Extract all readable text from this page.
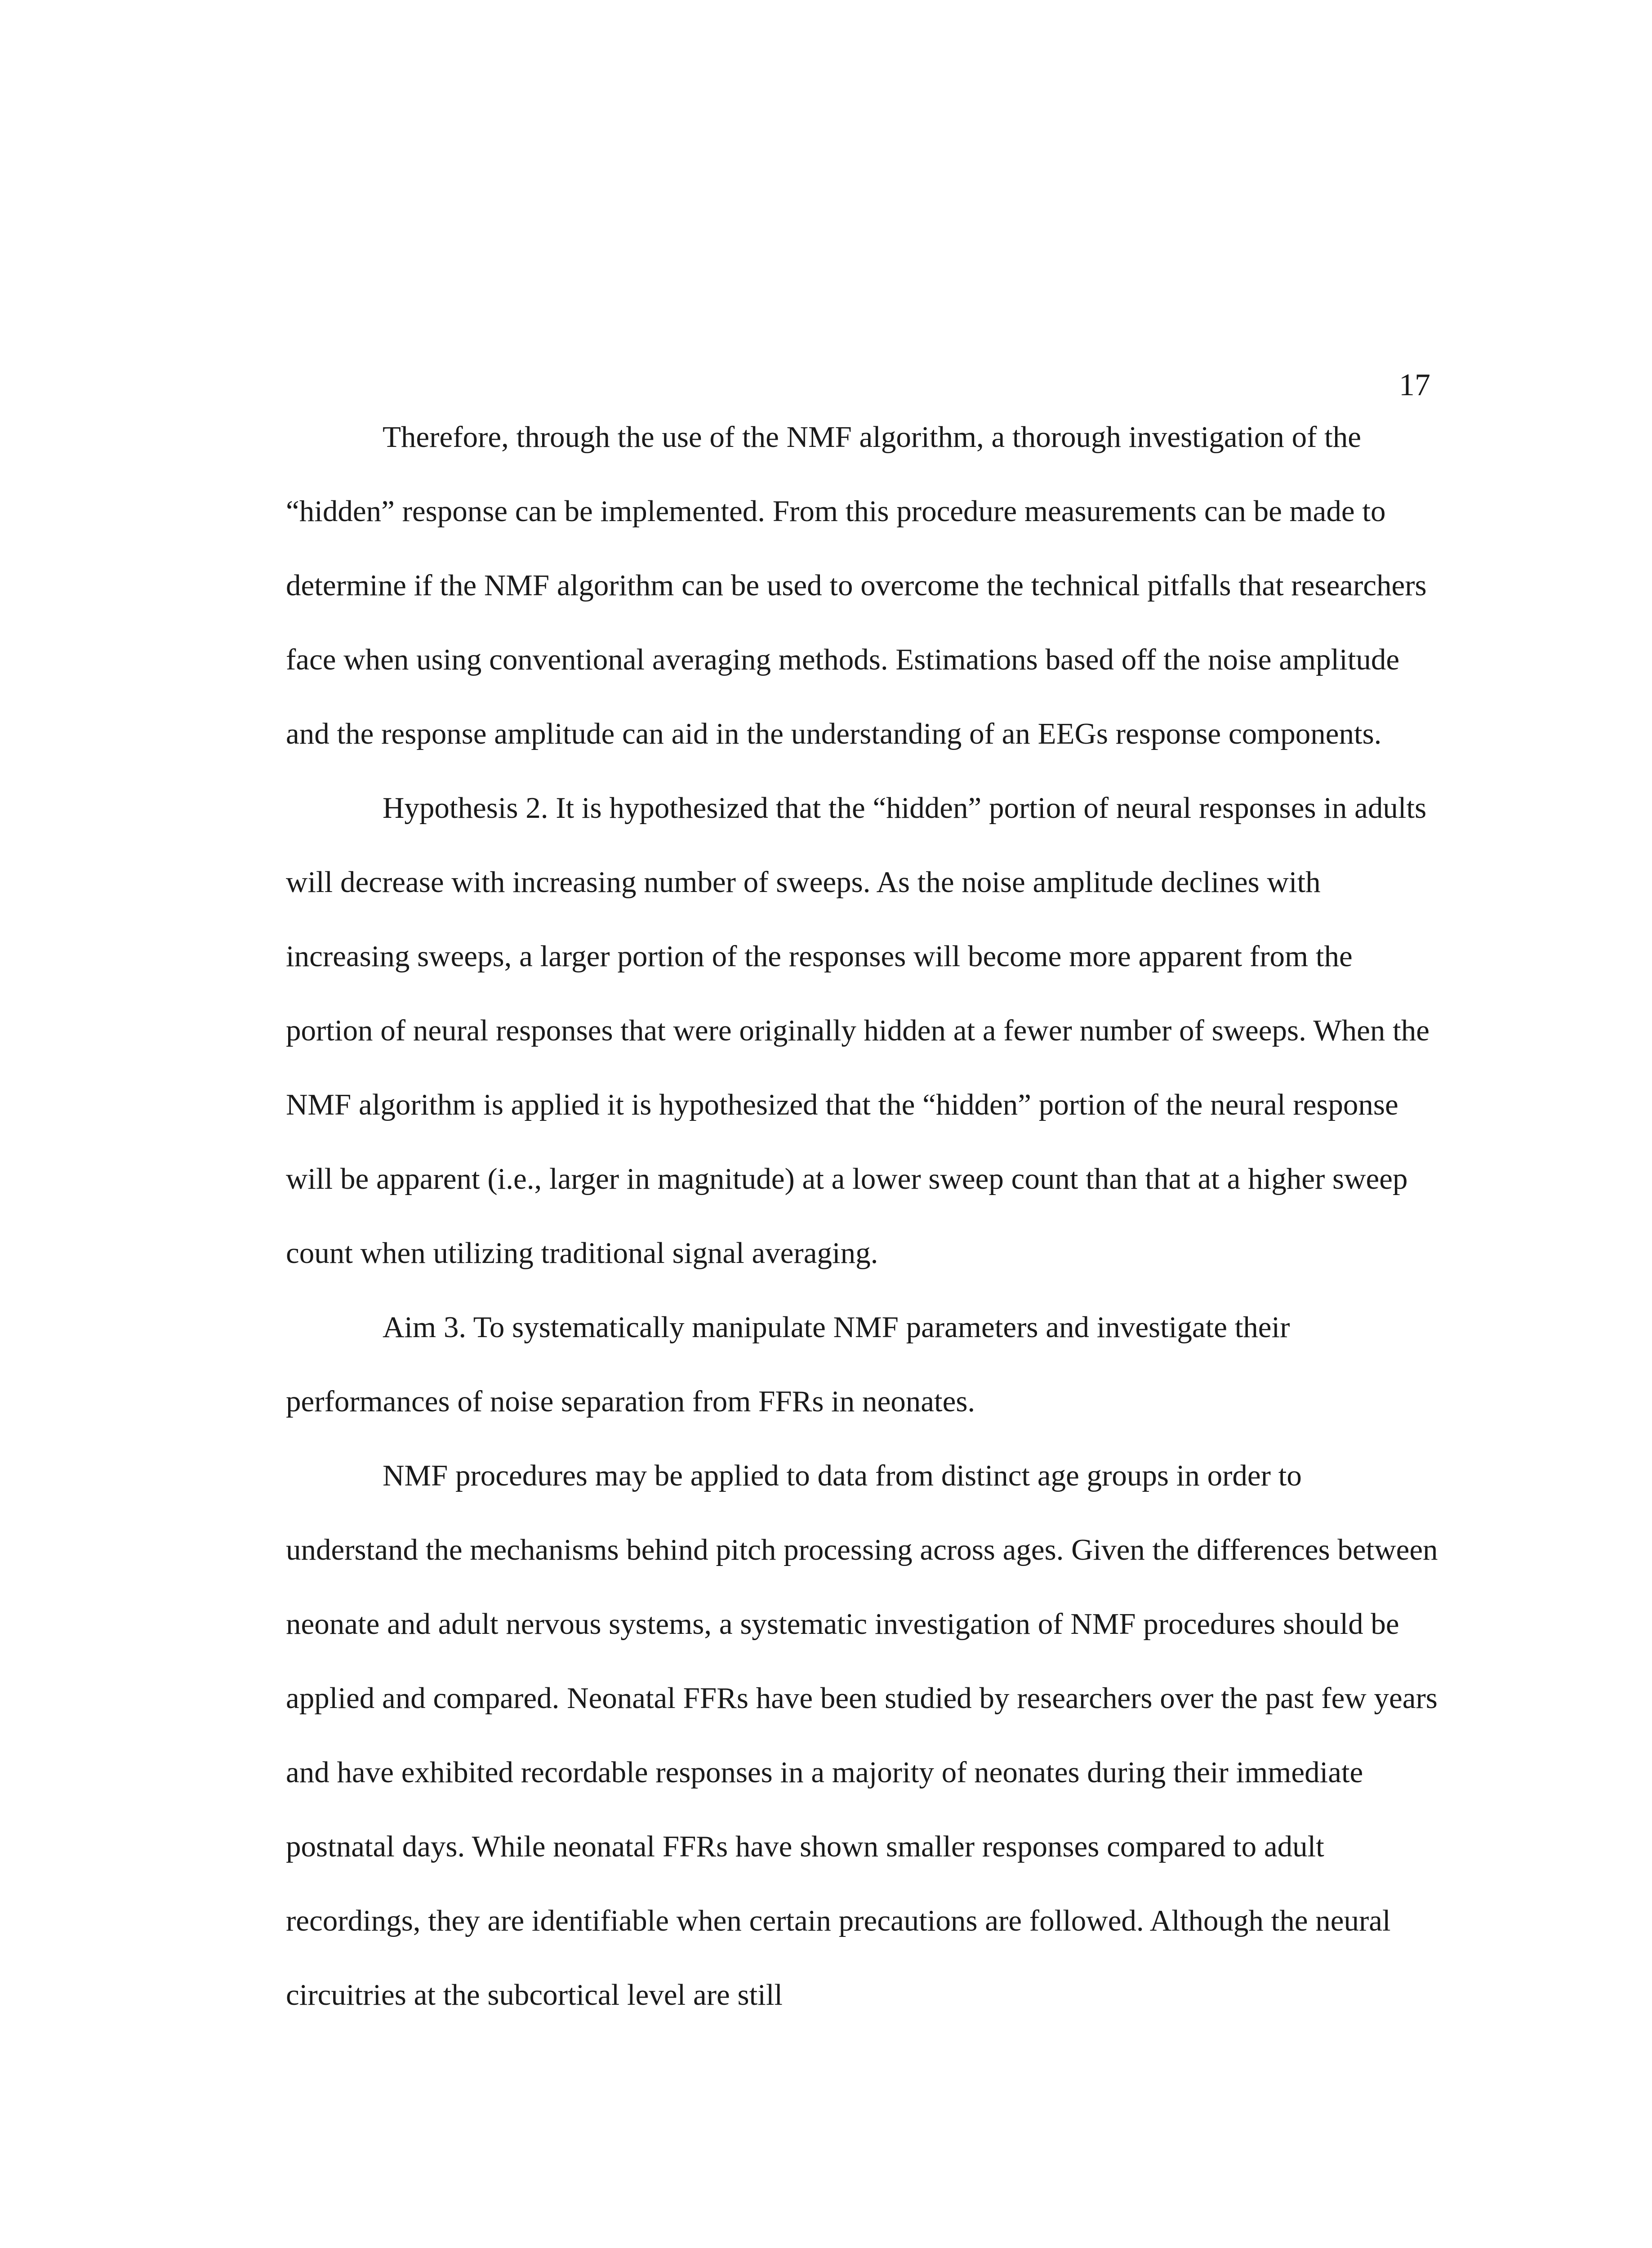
17

Therefore, through the use of the NMF algorithm, a thorough investigation of the “hidden” response can be implemented. From this procedure measurements can be made to determine if the NMF algorithm can be used to overcome the technical pitfalls that researchers face when using conventional averaging methods. Estimations based off the noise amplitude and the response amplitude can aid in the understanding of an EEGs response components.

Hypothesis 2. It is hypothesized that the “hidden” portion of neural responses in adults will decrease with increasing number of sweeps. As the noise amplitude declines with increasing sweeps, a larger portion of the responses will become more apparent from the portion of neural responses that were originally hidden at a fewer number of sweeps. When the NMF algorithm is applied it is hypothesized that the “hidden” portion of the neural response will be apparent (i.e., larger in magnitude) at a lower sweep count than that at a higher sweep count when utilizing traditional signal averaging.

Aim 3. To systematically manipulate NMF parameters and investigate their performances of noise separation from FFRs in neonates.

NMF procedures may be applied to data from distinct age groups in order to understand the mechanisms behind pitch processing across ages. Given the differences between neonate and adult nervous systems, a systematic investigation of NMF procedures should be applied and compared. Neonatal FFRs have been studied by researchers over the past few years and have exhibited recordable responses in a majority of neonates during their immediate postnatal days. While neonatal FFRs have shown smaller responses compared to adult recordings, they are identifiable when certain precautions are followed. Although the neural circuitries at the subcortical level are still
